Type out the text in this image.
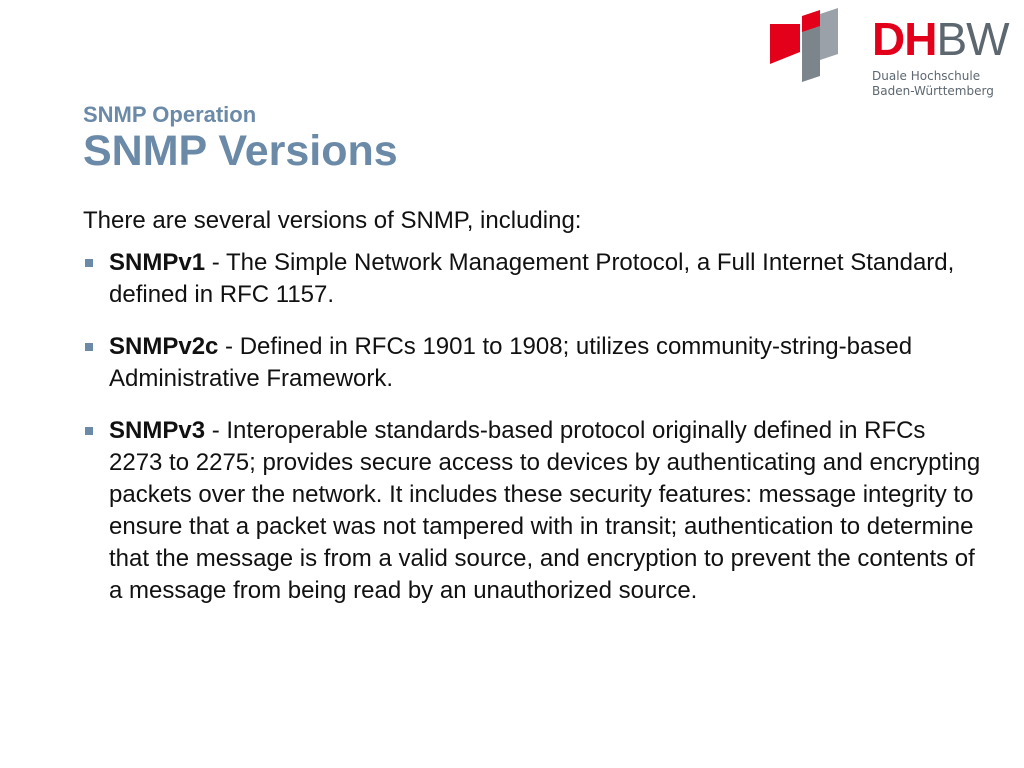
DHBW
Duale Hochschule
Baden-Württemberg
SNMP Operation
SNMP Versions

There are several versions of SNMP, including:

SNMPv1 - The Simple Network Management Protocol, a Full Internet Standard, defined in RFC 1157.
SNMPv2c - Defined in RFCs 1901 to 1908; utilizes community-string-based Administrative Framework.
SNMPv3 - Interoperable standards-based protocol originally defined in RFCs 2273 to 2275; provides secure access to devices by authenticating and encrypting packets over the network. It includes these security features: message integrity to ensure that a packet was not tampered with in transit; authentication to determine that the message is from a valid source, and encryption to prevent the contents of a message from being read by an unauthorized source.
